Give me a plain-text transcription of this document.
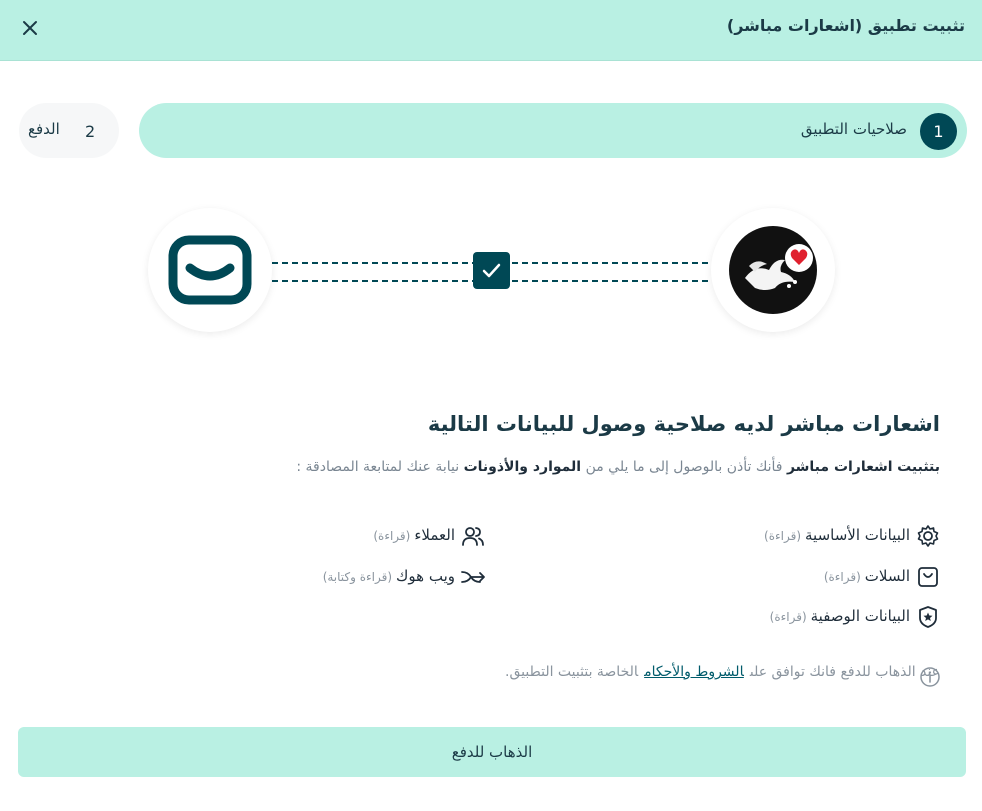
تثبيت تطبيق (اشعارات مباشر)
1
صلاحيات التطبيق
2
الدفع
اشعارات مباشر لديه صلاحية وصول للبيانات التالية
بتثبيت اشعارات مباشر فأنك تأذن بالوصول إلى ما يلي من الموارد والأذونات نيابة عنك لمتابعة المصادقة :
البيانات الأساسية(قراءة)
السلات(قراءة)
البيانات الوصفية(قراءة)
العملاء(قراءة)
ويب هوك(قراءة وكتابة)
عند الذهاب للدفع فانك توافق علىالشروط والأحكامالخاصة بتثبيت التطبيق.
الذهاب للدفع
